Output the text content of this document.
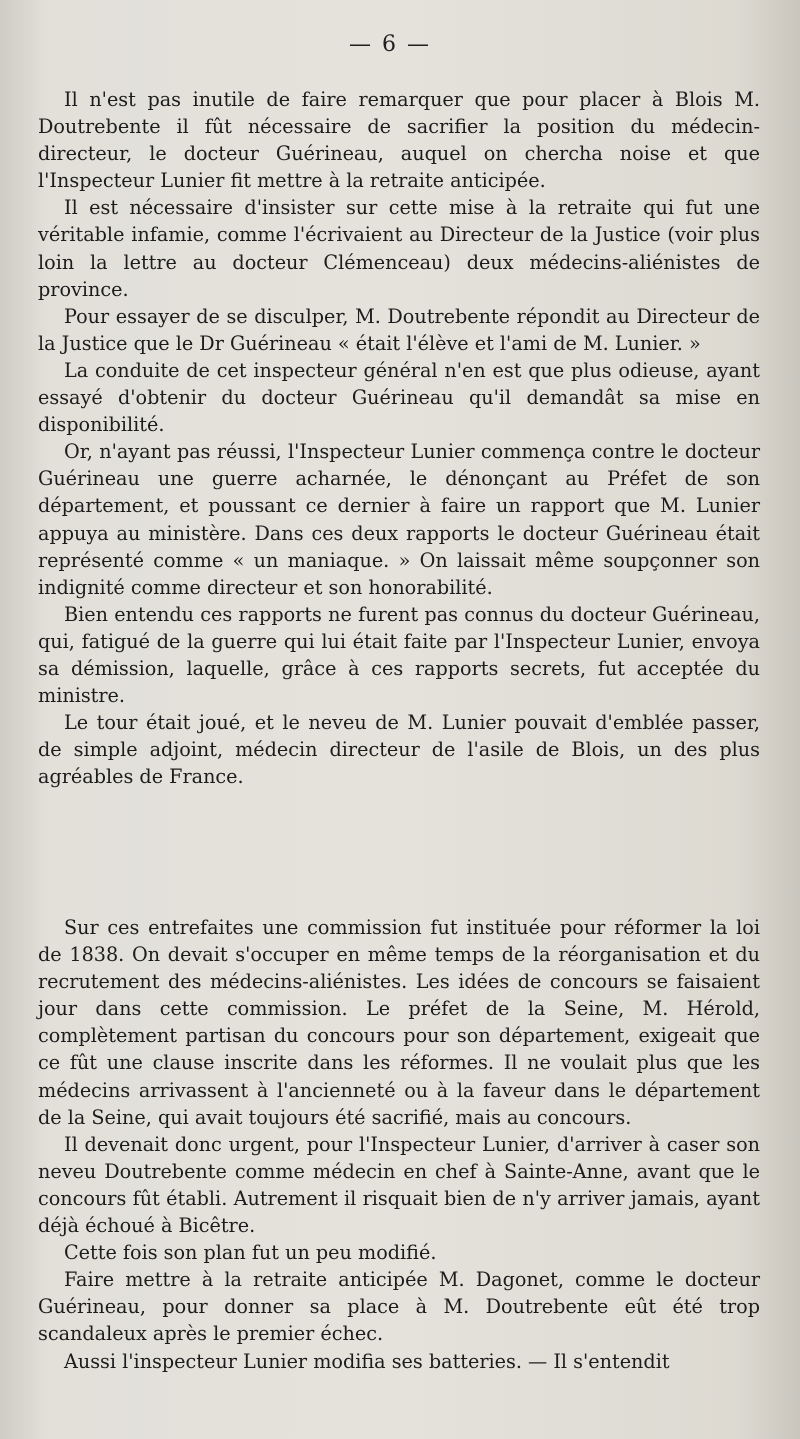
— 6 —

Il n'est pas inutile de faire remarquer que pour placer à Blois M. Doutrebente il fût nécessaire de sacrifier la position du médecin-directeur, le docteur Guérineau, auquel on chercha noise et que l'Inspecteur Lunier fit mettre à la retraite anticipée.

Il est nécessaire d'insister sur cette mise à la retraite qui fut une véritable infamie, comme l'écrivaient au Directeur de la Justice (voir plus loin la lettre au docteur Clémenceau) deux médecins-aliénistes de province.

Pour essayer de se disculper, M. Doutrebente répondit au Directeur de la Justice que le Dr Guérineau « était l'élève et l'ami de M. Lunier. »

La conduite de cet inspecteur général n'en est que plus odieuse, ayant essayé d'obtenir du docteur Guérineau qu'il demandât sa mise en disponibilité.

Or, n'ayant pas réussi, l'Inspecteur Lunier commença contre le docteur Guérineau une guerre acharnée, le dénonçant au Préfet de son département, et poussant ce dernier à faire un rapport que M. Lunier appuya au ministère. Dans ces deux rapports le docteur Guérineau était représenté comme « un maniaque. » On laissait même soupçonner son indignité comme directeur et son honorabilité.

Bien entendu ces rapports ne furent pas connus du docteur Guérineau, qui, fatigué de la guerre qui lui était faite par l'Inspecteur Lunier, envoya sa démission, laquelle, grâce à ces rapports secrets, fut acceptée du ministre.

Le tour était joué, et le neveu de M. Lunier pouvait d'emblée passer, de simple adjoint, médecin directeur de l'asile de Blois, un des plus agréables de France.

Sur ces entrefaites une commission fut instituée pour réformer la loi de 1838. On devait s'occuper en même temps de la réorganisation et du recrutement des médecins-aliénistes. Les idées de concours se faisaient jour dans cette commission. Le préfet de la Seine, M. Hérold, complètement partisan du concours pour son département, exigeait que ce fût une clause inscrite dans les réformes. Il ne voulait plus que les médecins arrivassent à l'ancienneté ou à la faveur dans le département de la Seine, qui avait toujours été sacrifié, mais au concours.

Il devenait donc urgent, pour l'Inspecteur Lunier, d'arriver à caser son neveu Doutrebente comme médecin en chef à Sainte-Anne, avant que le concours fût établi. Autrement il risquait bien de n'y arriver jamais, ayant déjà échoué à Bicêtre.

Cette fois son plan fut un peu modifié.

Faire mettre à la retraite anticipée M. Dagonet, comme le docteur Guérineau, pour donner sa place à M. Doutrebente eût été trop scandaleux après le premier échec.

Aussi l'inspecteur Lunier modifia ses batteries. — Il s'entendit
